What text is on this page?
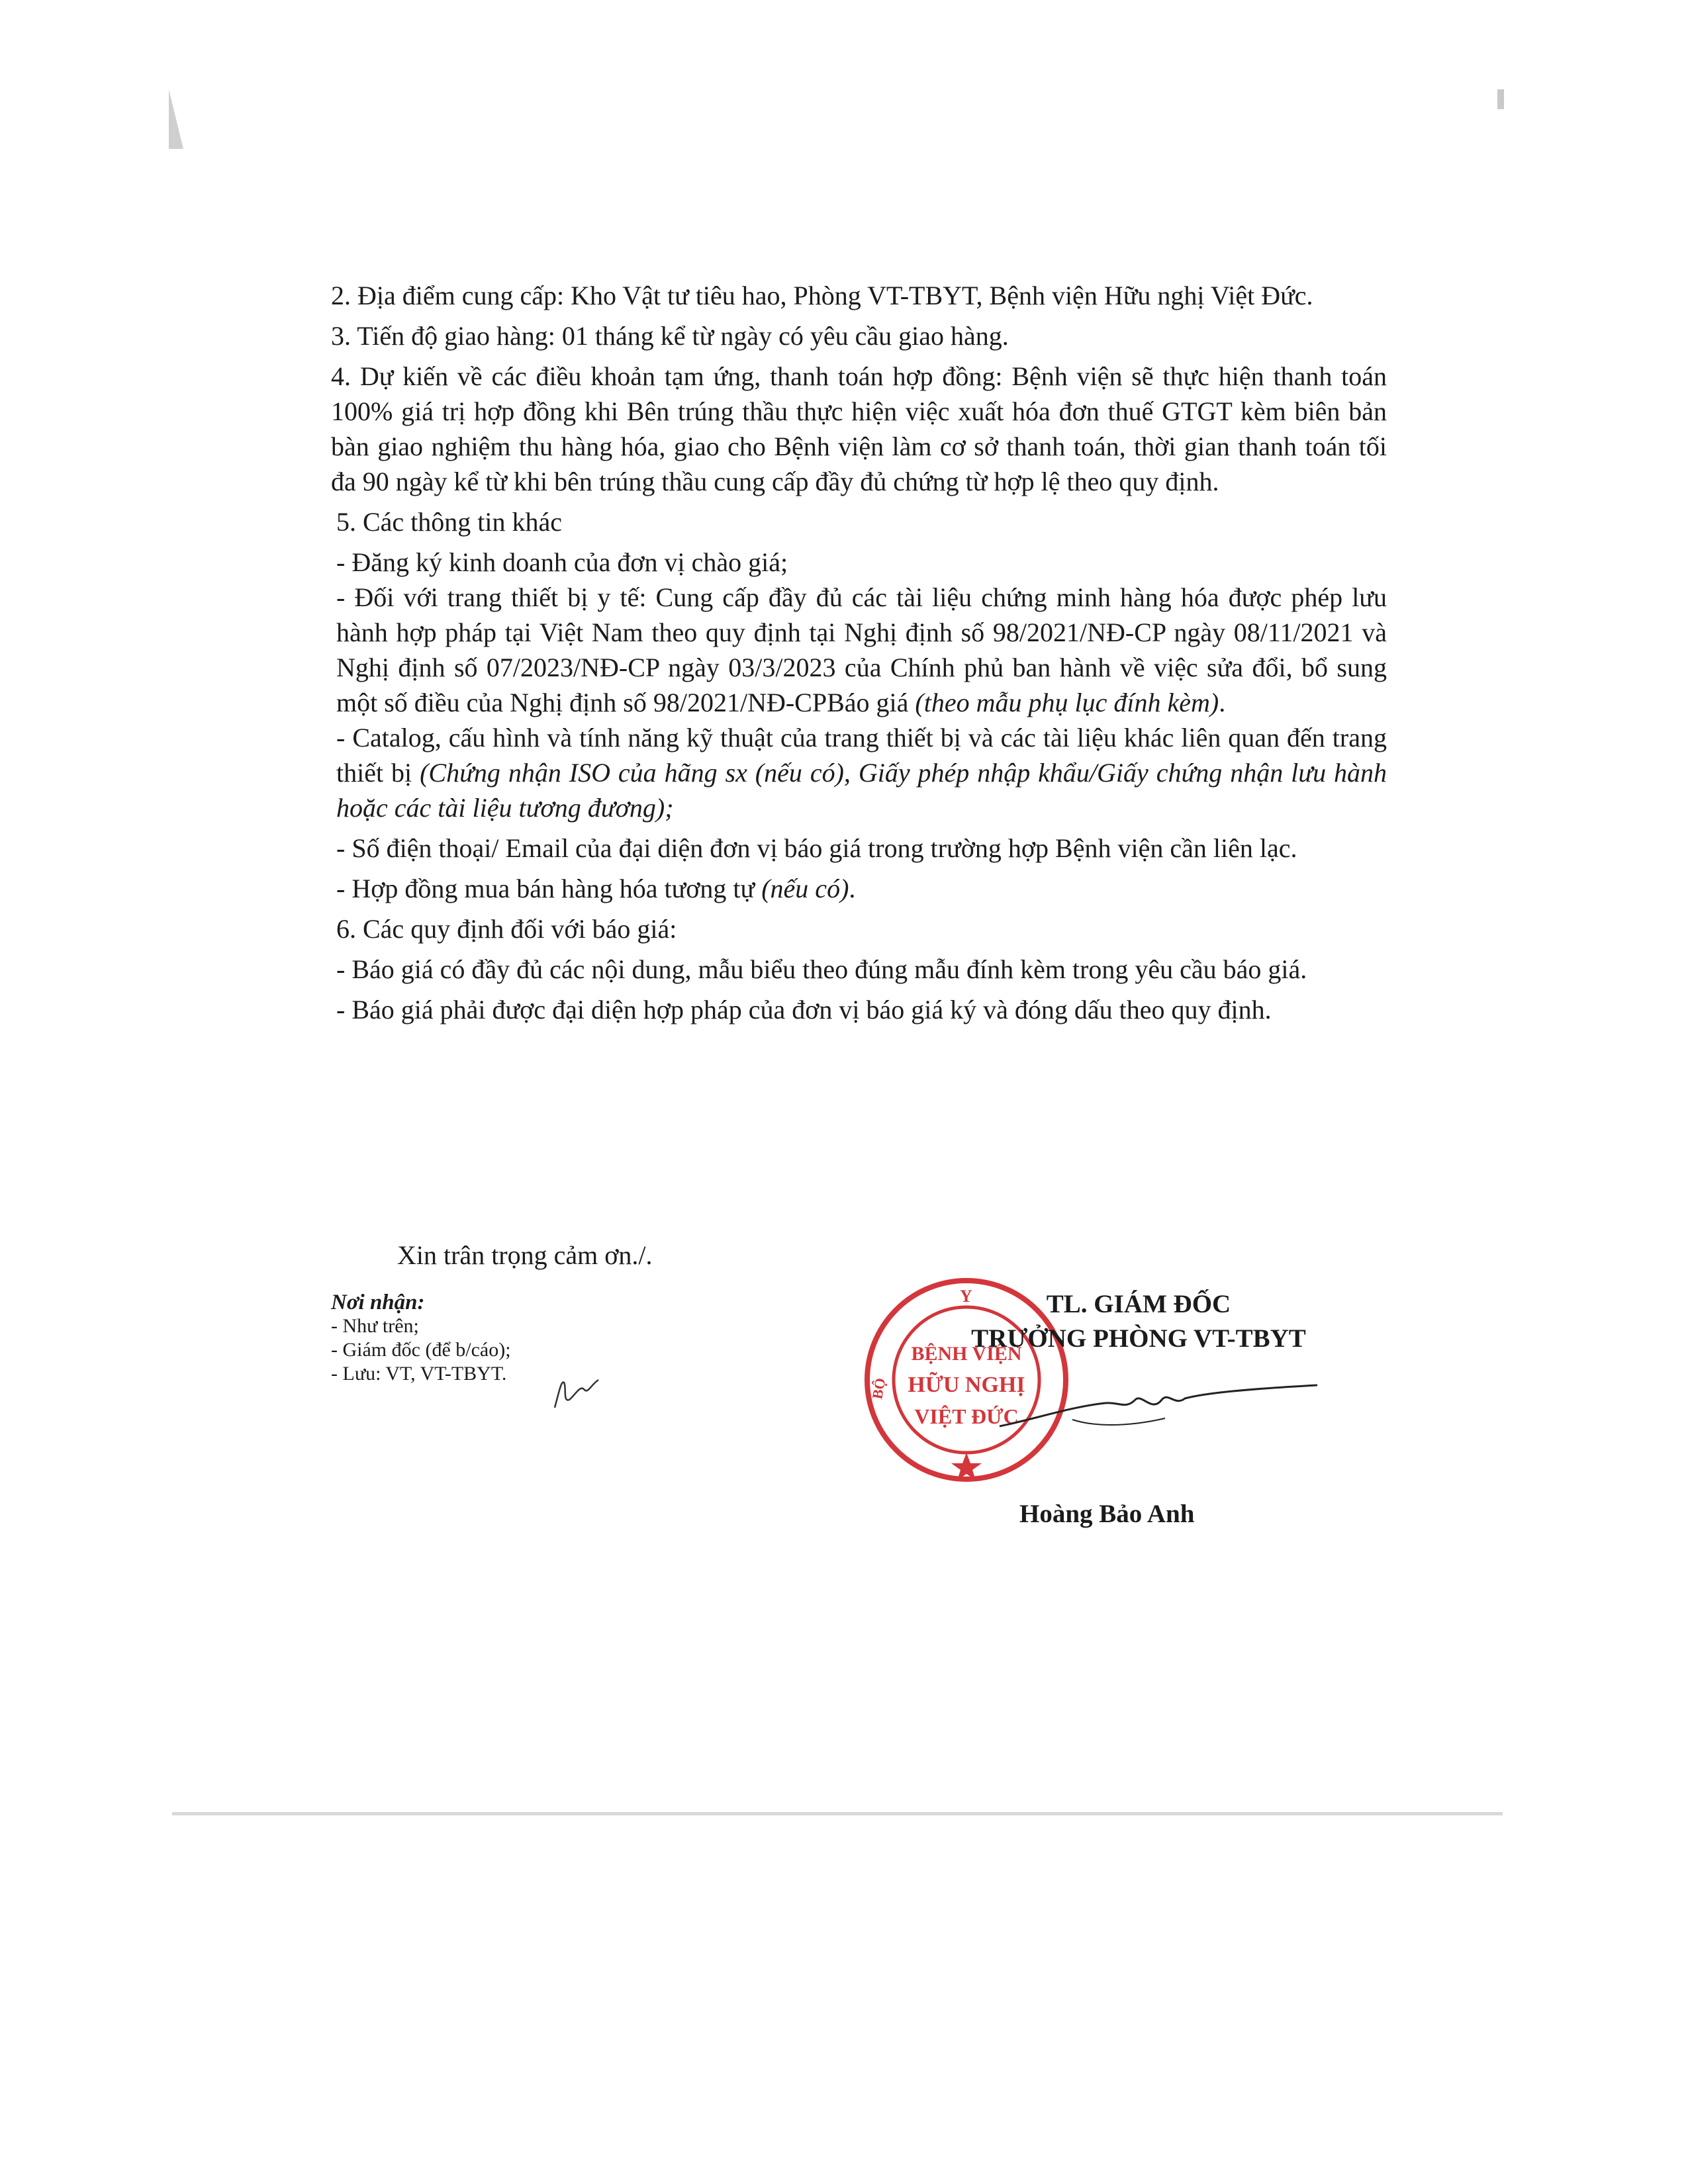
2. Địa điểm cung cấp: Kho Vật tư tiêu hao, Phòng VT-TBYT, Bệnh viện Hữu nghị Việt Đức.

3. Tiến độ giao hàng: 01 tháng kể từ ngày có yêu cầu giao hàng.

4. Dự kiến về các điều khoản tạm ứng, thanh toán hợp đồng: Bệnh viện sẽ thực hiện thanh toán 100% giá trị hợp đồng khi Bên trúng thầu thực hiện việc xuất hóa đơn thuế GTGT kèm biên bản bàn giao nghiệm thu hàng hóa, giao cho Bệnh viện làm cơ sở thanh toán, thời gian thanh toán tối đa 90 ngày kể từ khi bên trúng thầu cung cấp đầy đủ chứng từ hợp lệ theo quy định.

5. Các thông tin khác

- Đăng ký kinh doanh của đơn vị chào giá;

- Đối với trang thiết bị y tế: Cung cấp đầy đủ các tài liệu chứng minh hàng hóa được phép lưu hành hợp pháp tại Việt Nam theo quy định tại Nghị định số 98/2021/NĐ-CP ngày 08/11/2021 và Nghị định số 07/2023/NĐ-CP ngày 03/3/2023 của Chính phủ ban hành về việc sửa đổi, bổ sung một số điều của Nghị định số 98/2021/NĐ-CPBáo giá (theo mẫu phụ lục đính kèm).

- Catalog, cấu hình và tính năng kỹ thuật của trang thiết bị và các tài liệu khác liên quan đến trang thiết bị (Chứng nhận ISO của hãng sx (nếu có), Giấy phép nhập khẩu/Giấy chứng nhận lưu hành hoặc các tài liệu tương đương);

- Số điện thoại/ Email của đại diện đơn vị báo giá trong trường hợp Bệnh viện cần liên lạc.

- Hợp đồng mua bán hàng hóa tương tự (nếu có).

6. Các quy định đối với báo giá:

- Báo giá có đầy đủ các nội dung, mẫu biểu theo đúng mẫu đính kèm trong yêu cầu báo giá.

- Báo giá phải được đại diện hợp pháp của đơn vị báo giá ký và đóng dấu theo quy định.

Xin trân trọng cảm ơn./.
Nơi nhận:
- Như trên;
- Giám đốc (để b/cáo);
- Lưu: VT, VT-TBYT.
Y
BỘ
BỆNH VIỆN
HỮU NGHỊ
VIỆT ĐỨC
TL. GIÁM ĐỐC
TRƯỞNG PHÒNG VT-TBYT
Hoàng Bảo Anh
